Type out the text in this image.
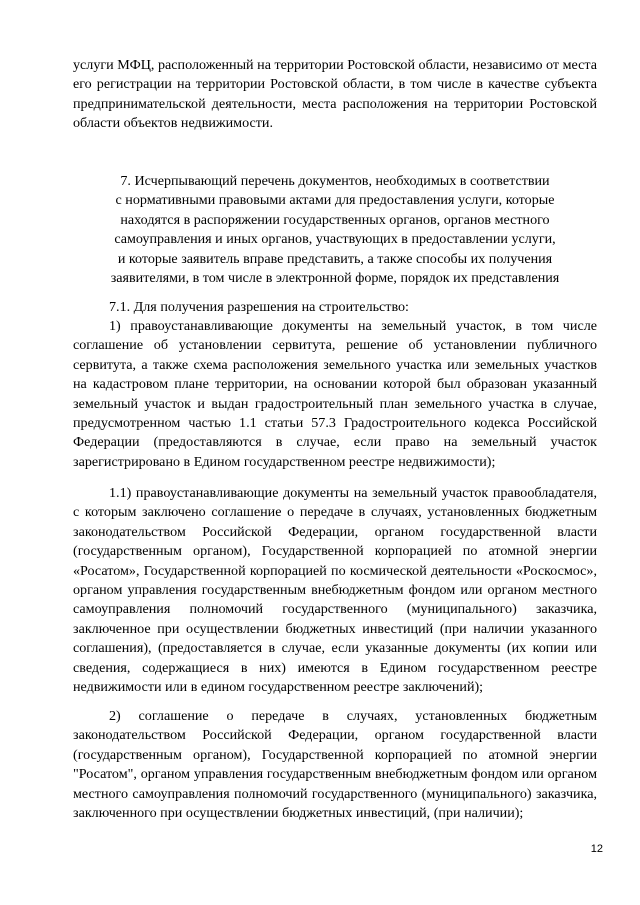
услуги МФЦ, расположенный на территории Ростовской области, независимо от места его регистрации на территории Ростовской области, в том числе в качестве субъекта предпринимательской деятельности, места расположения на территории Ростовской области объектов недвижимости.

7. Исчерпывающий перечень документов, необходимых в соответствии
с нормативными правовыми актами для предоставления услуги, которые
находятся в распоряжении государственных органов, органов местного
самоуправления и иных органов, участвующих в предоставлении услуги,
и которые заявитель вправе представить, а также способы их получения
заявителями, в том числе в электронной форме, порядок их представления

7.1. Для получения разрешения на строительство:

1) правоустанавливающие документы на земельный участок, в том числе соглашение об установлении сервитута, решение об установлении публичного сервитута, а также схема расположения земельного участка или земельных участков на кадастровом плане территории, на основании которой был образован указанный земельный участок и выдан градостроительный план земельного участка в случае, предусмотренном частью 1.1 статьи 57.3 Градостроительного кодекса Российской Федерации (предоставляются в случае, если право на земельный участок зарегистрировано в Едином государственном реестре недвижимости);

1.1) правоустанавливающие документы на земельный участок правообладателя, с которым заключено соглашение о передаче в случаях, установленных бюджетным законодательством Российской Федерации, органом государственной власти (государственным органом), Государственной корпорацией по атомной энергии «Росатом», Государственной корпорацией по космической деятельности «Роскосмос», органом управления государственным внебюджетным фондом или органом местного самоуправления полномочий государственного (муниципального) заказчика, заключенное при осуществлении бюджетных инвестиций (при наличии указанного соглашения), (предоставляется в случае, если указанные документы (их копии или сведения, содержащиеся в них) имеются в Едином государственном реестре недвижимости или в едином государственном реестре заключений);

2) соглашение о передаче в случаях, установленных бюджетным законодательством Российской Федерации, органом государственной власти (государственным органом), Государственной корпорацией по атомной энергии "Росатом", органом управления государственным внебюджетным фондом или органом местного самоуправления полномочий государственного (муниципального) заказчика, заключенного при осуществлении бюджетных инвестиций, (при наличии);

12
